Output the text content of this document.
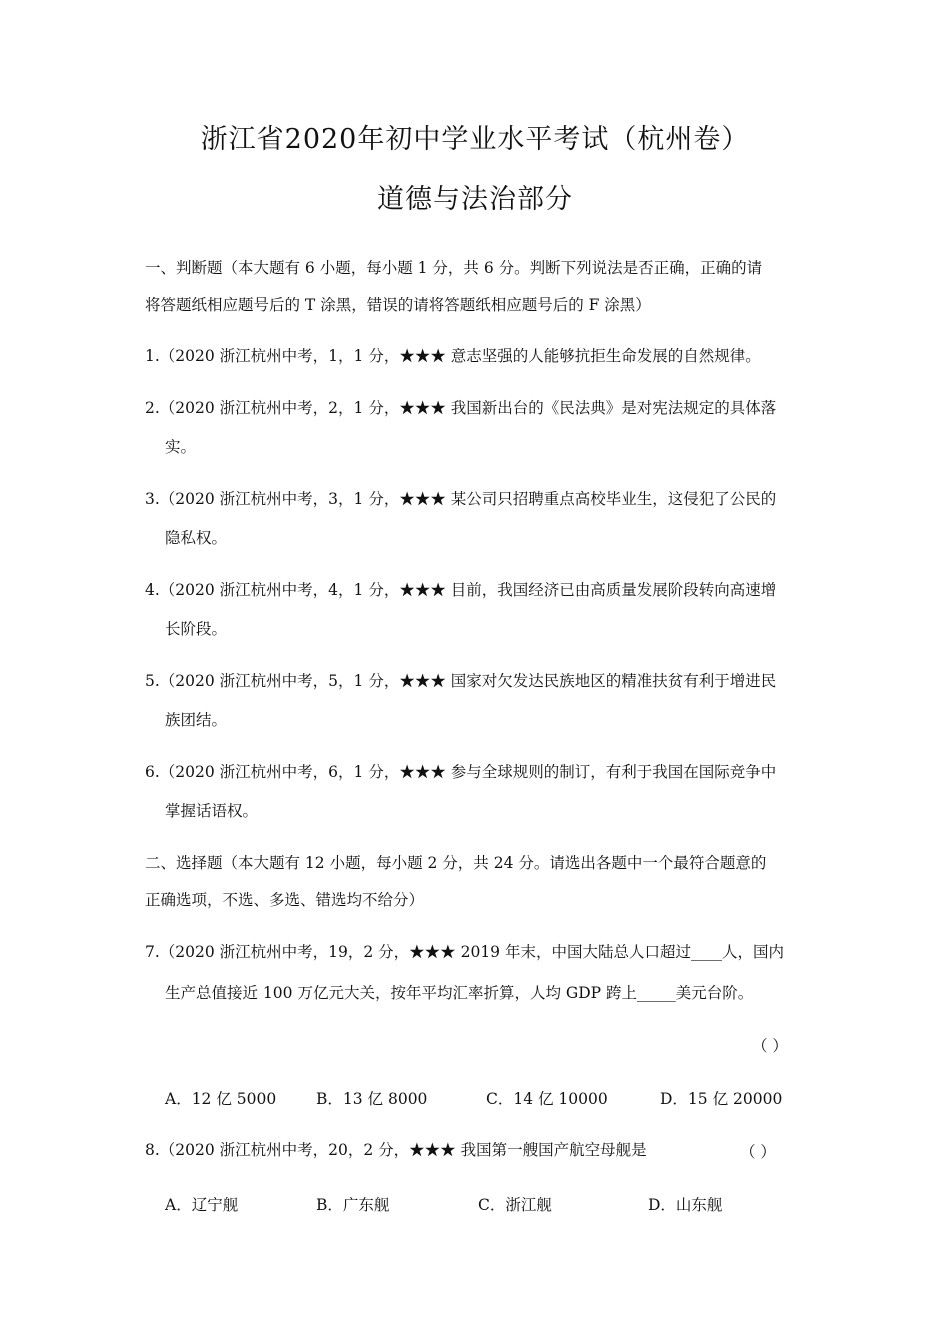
浙江省2020年初中学业水平考试（杭州卷）
道德与法治部分
一、判断题（本大题有 6 小题，每小题 1 分，共 6 分。判断下列说法是否正确，正确的请
将答题纸相应题号后的 T 涂黑，错误的请将答题纸相应题号后的 F 涂黑）
1.（2020 浙江杭州中考，1，1 分，★★★ 意志坚强的人能够抗拒生命发展的自然规律。
2.（2020 浙江杭州中考，2，1 分，★★★ 我国新出台的《民法典》是对宪法规定的具体落
实。
3.（2020 浙江杭州中考，3，1 分，★★★ 某公司只招聘重点高校毕业生，这侵犯了公民的
隐私权。
4.（2020 浙江杭州中考，4，1 分，★★★ 目前，我国经济已由高质量发展阶段转向高速增
长阶段。
5.（2020 浙江杭州中考，5，1 分，★★★ 国家对欠发达民族地区的精准扶贫有利于增进民
族团结。
6.（2020 浙江杭州中考，6，1 分，★★★ 参与全球规则的制订，有利于我国在国际竞争中
掌握话语权。
二、选择题（本大题有 12 小题，每小题 2 分，共 24 分。请选出各题中一个最符合题意的
正确选项，不选、多选、错选均不给分）
7.（2020 浙江杭州中考，19，2 分，★★★ 2019 年末，中国大陆总人口超过____人，国内
生产总值接近 100 万亿元大关，按年平均汇率折算，人均 GDP 跨上_____美元台阶。
（ ）
A．12 亿 5000	B．13 亿 8000	C．14 亿 10000	D．15 亿 20000
8.（2020 浙江杭州中考，20，2 分，★★★ 我国第一艘国产航空母舰是	（ ）
A．辽宁舰	B．广东舰	C．浙江舰	D．山东舰
